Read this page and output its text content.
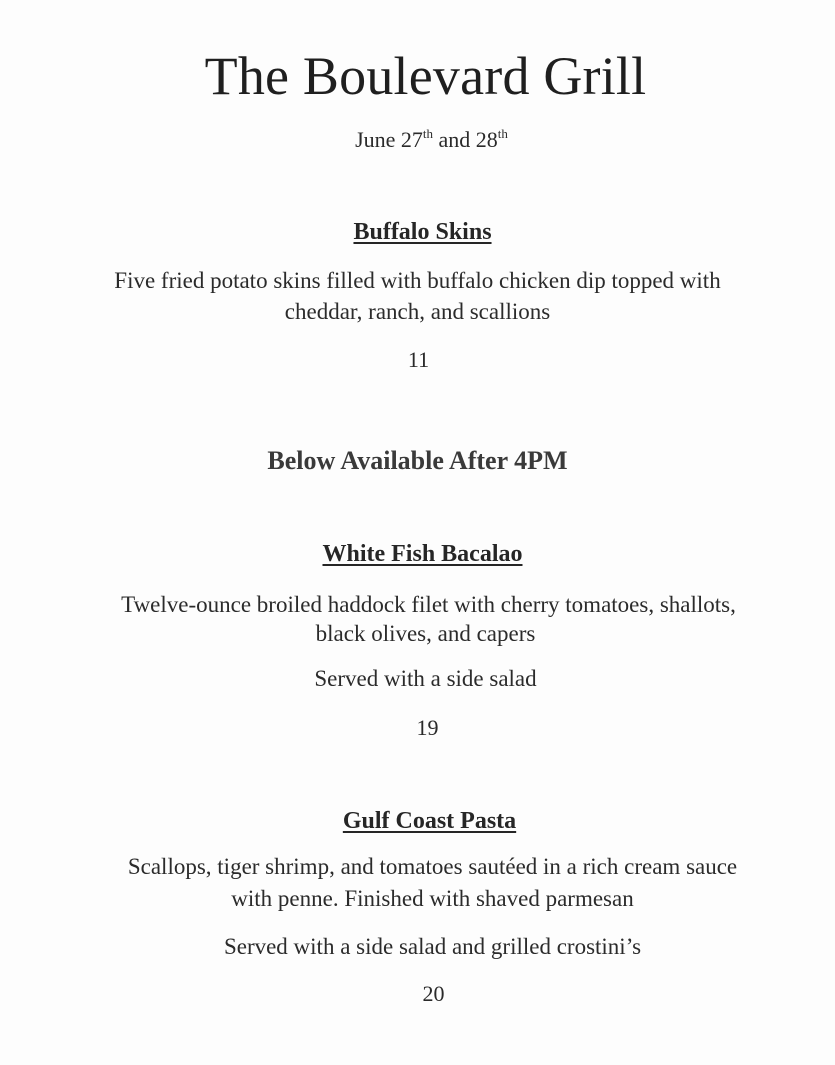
The Boulevard Grill
June 27th and 28th
Buffalo Skins
Five fried potato skins filled with buffalo chicken dip topped with
cheddar, ranch, and scallions
11
Below Available After 4PM
White Fish Bacalao
Twelve-ounce broiled haddock filet with cherry tomatoes, shallots,
black olives, and capers
Served with a side salad
19
Gulf Coast Pasta
Scallops, tiger shrimp, and tomatoes sautéed in a rich cream sauce
with penne. Finished with shaved parmesan
Served with a side salad and grilled crostini’s
20
